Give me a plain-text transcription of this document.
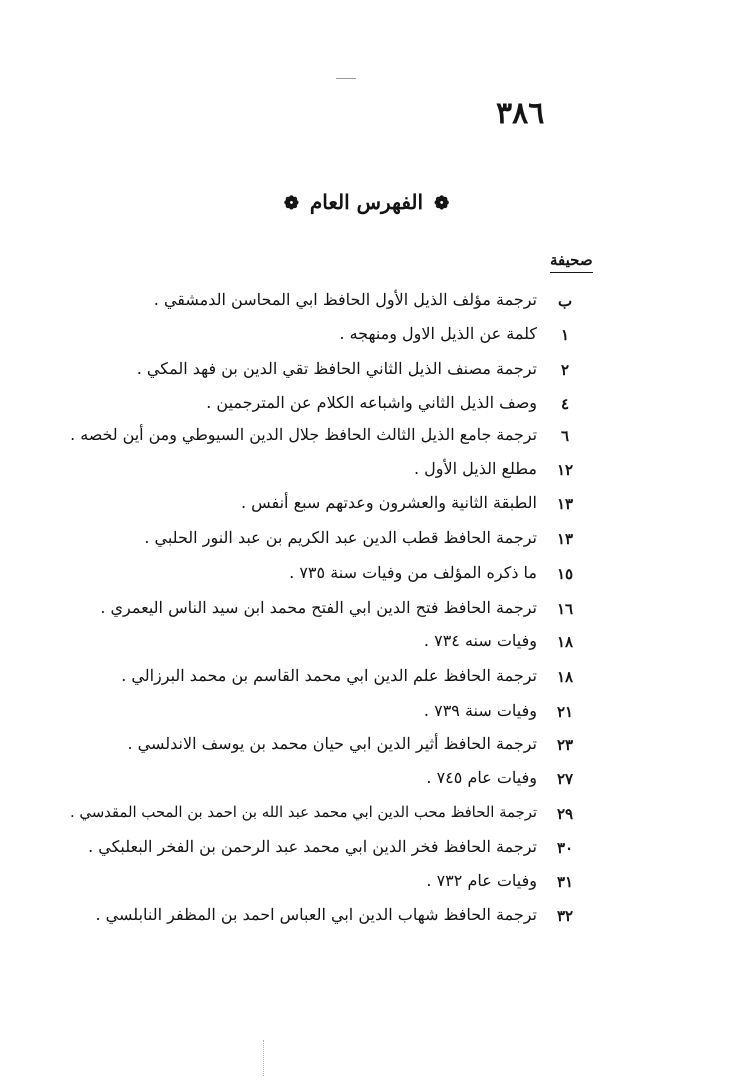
٣٨٦
❁ الفهرس العام ❁
صحيفة
ب
ترجمة مؤلف الذيل الأول الحافظ ابي المحاسن الدمشقي .
١
كلمة عن الذيل الاول ومنهجه .
٢
ترجمة مصنف الذيل الثاني الحافظ تقي الدين بن فهد المكي .
٤
وصف الذيل الثاني واشباعه الكلام عن المترجمين .
٦
ترجمة جامع الذيل الثالث الحافظ جلال الدين السيوطي ومن أين لخصه .
١٢
مطلع الذيل الأول .
١٣
الطبقة الثانية والعشرون وعدتهم سبع أنفس .
١٣
ترجمة الحافظ قطب الدين عبد الكريم بن عبد النور الحلبي .
١٥
ما ذكره المؤلف من وفيات سنة ٧٣٥ .
١٦
ترجمة الحافظ فتح الدين ابي الفتح محمد ابن سيد الناس اليعمري .
١٨
وفيات سنه ٧٣٤ .
١٨
ترجمة الحافظ علم الدين ابي محمد القاسم بن محمد البرزالي .
٢١
وفيات سنة ٧٣٩ .
٢٣
ترجمة الحافظ أثير الدين ابي حيان محمد بن يوسف الاندلسي .
٢٧
وفيات عام ٧٤٥ .
٢٩
ترجمة الحافظ محب الدين ابي محمد عبد الله بن احمد بن المحب المقدسي .
٣٠
ترجمة الحافظ فخر الدين ابي محمد عبد الرحمن بن الفخر البعلبكي .
٣١
وفيات عام ٧٣٢ .
٣٢
ترجمة الحافظ شهاب الدين ابي العباس احمد بن المظفر النابلسي .
